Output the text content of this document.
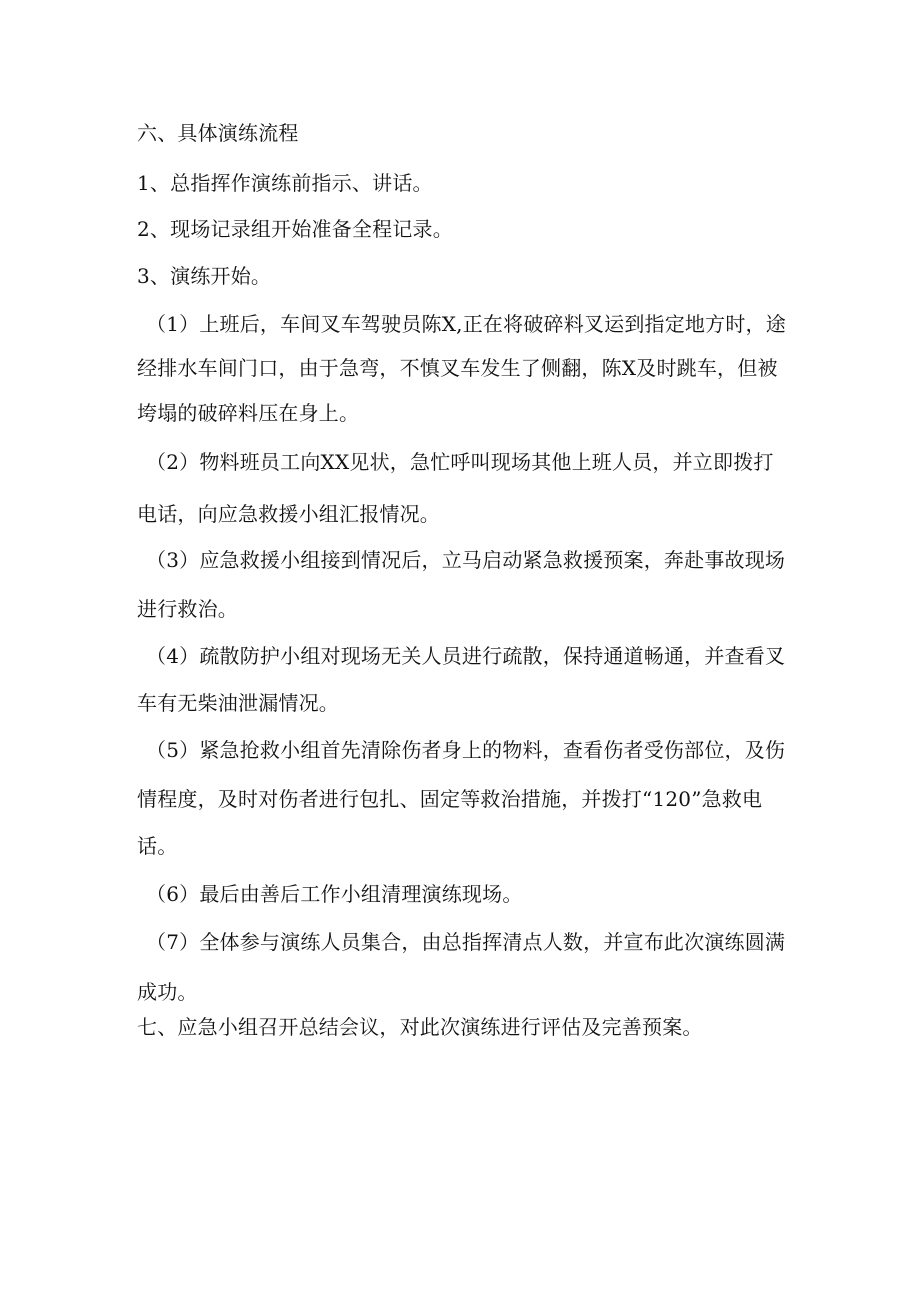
六、具体演练流程
1、总指挥作演练前指示、讲话。
2、现场记录组开始准备全程记录。
3、演练开始。
（1）上班后，车间叉车驾驶员陈X,正在将破碎料叉运到指定地方时，途
经排水车间门口，由于急弯，不慎叉车发生了侧翻，陈X及时跳车，但被
垮塌的破碎料压在身上。
（2）物料班员工向XX见状，急忙呼叫现场其他上班人员，并立即拨打
电话，向应急救援小组汇报情况。
（3）应急救援小组接到情况后，立马启动紧急救援预案，奔赴事故现场
进行救治。
（4）疏散防护小组对现场无关人员进行疏散，保持通道畅通，并查看叉
车有无柴油泄漏情况。
（5）紧急抢救小组首先清除伤者身上的物料，查看伤者受伤部位，及伤
情程度，及时对伤者进行包扎、固定等救治措施，并拨打“120”急救电
话。
（6）最后由善后工作小组清理演练现场。
（7）全体参与演练人员集合，由总指挥清点人数，并宣布此次演练圆满
成功。
七、应急小组召开总结会议，对此次演练进行评估及完善预案。
